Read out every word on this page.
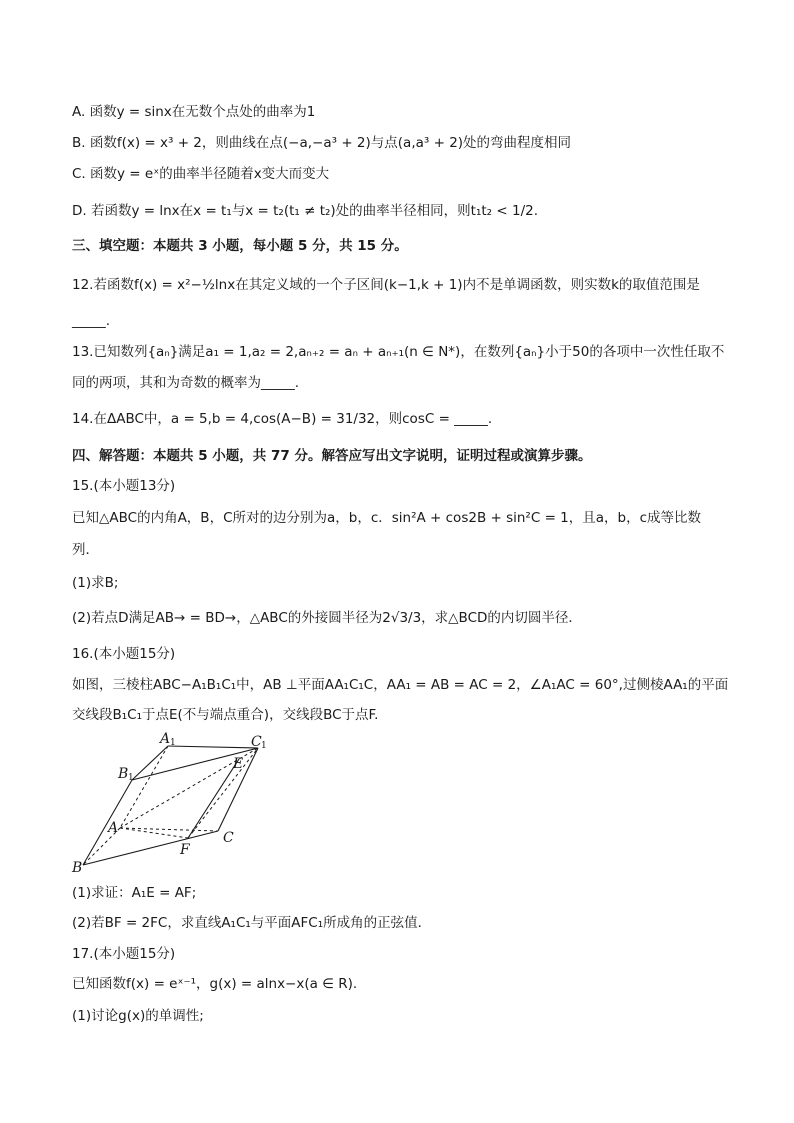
A. 函数y = sinx在无数个点处的曲率为1
B. 函数f(x) = x³ + 2，则曲线在点(−a,−a³ + 2)与点(a,a³ + 2)处的弯曲程度相同
C. 函数y = eˣ的曲率半径随着x变大而变大
D. 若函数y = lnx在x = t₁与x = t₂(t₁ ≠ t₂)处的曲率半径相同，则t₁t₂ < 1/2.
三、填空题：本题共 3 小题，每小题 5 分，共 15 分。
12.若函数f(x) = x²−½lnx在其定义域的一个子区间(k−1,k + 1)内不是单调函数，则实数k的取值范围是
_____.
13.已知数列{aₙ}满足a₁ = 1,a₂ = 2,aₙ₊₂ = aₙ + aₙ₊₁(n ∈ N*)，在数列{aₙ}小于50的各项中一次性任取不
同的两项，其和为奇数的概率为_____.
14.在ΔABC中，a = 5,b = 4,cos(A−B) = 31/32，则cosC = _____.
四、解答题：本题共 5 小题，共 77 分。解答应写出文字说明，证明过程或演算步骤。
15.(本小题13分)
已知△ABC的内角A，B，C所对的边分别为a，b，c．sin²A + cos2B + sin²C = 1，且a，b，c成等比数
列．
(1)求B;
(2)若点D满足AB→ = BD→，△ABC的外接圆半径为2√3/3，求△BCD的内切圆半径．
16.(本小题15分)
如图，三棱柱ABC−A₁B₁C₁中，AB ⊥平面AA₁C₁C，AA₁ = AB = AC = 2，∠A₁AC = 60°,过侧棱AA₁的平面
交线段B₁C₁于点E(不与端点重合)，交线段BC于点F.
A 1	C 1
B 1
E
A
C
F
B
(1)求证：A₁E = AF;
(2)若BF = 2FC，求直线A₁C₁与平面AFC₁所成角的正弦值．
17.(本小题15分)
已知函数f(x) = eˣ⁻¹，g(x) = alnx−x(a ∈ R).
(1)讨论g(x)的单调性;
